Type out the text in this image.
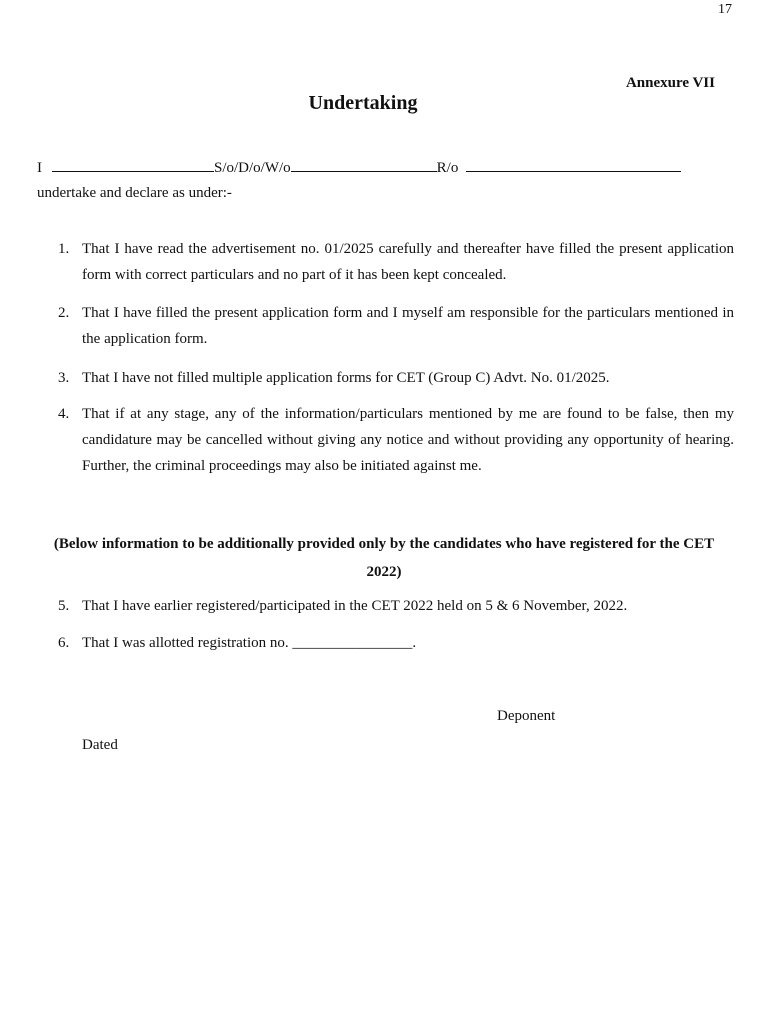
17
Annexure VII
Undertaking
I	S/o/D/o/W/o	R/o
undertake and declare as under:-
1. That I have read the advertisement no. 01/2025 carefully and thereafter have filled the present application form with correct particulars and no part of it has been kept concealed.
2. That I have filled the present application form and I myself am responsible for the particulars mentioned in the application form.
3. That I have not filled multiple application forms for CET (Group C) Advt. No. 01/2025.
4. That if at any stage, any of the information/particulars mentioned by me are found to be false, then my candidature may be cancelled without giving any notice and without providing any opportunity of hearing. Further, the criminal proceedings may also be initiated against me.
(Below information to be additionally provided only by the candidates who have registered for the CET 2022)
5. That I have earlier registered/participated in the CET 2022 held on 5 & 6 November, 2022.
6. That I was allotted registration no. ________________.
Deponent
Dated
